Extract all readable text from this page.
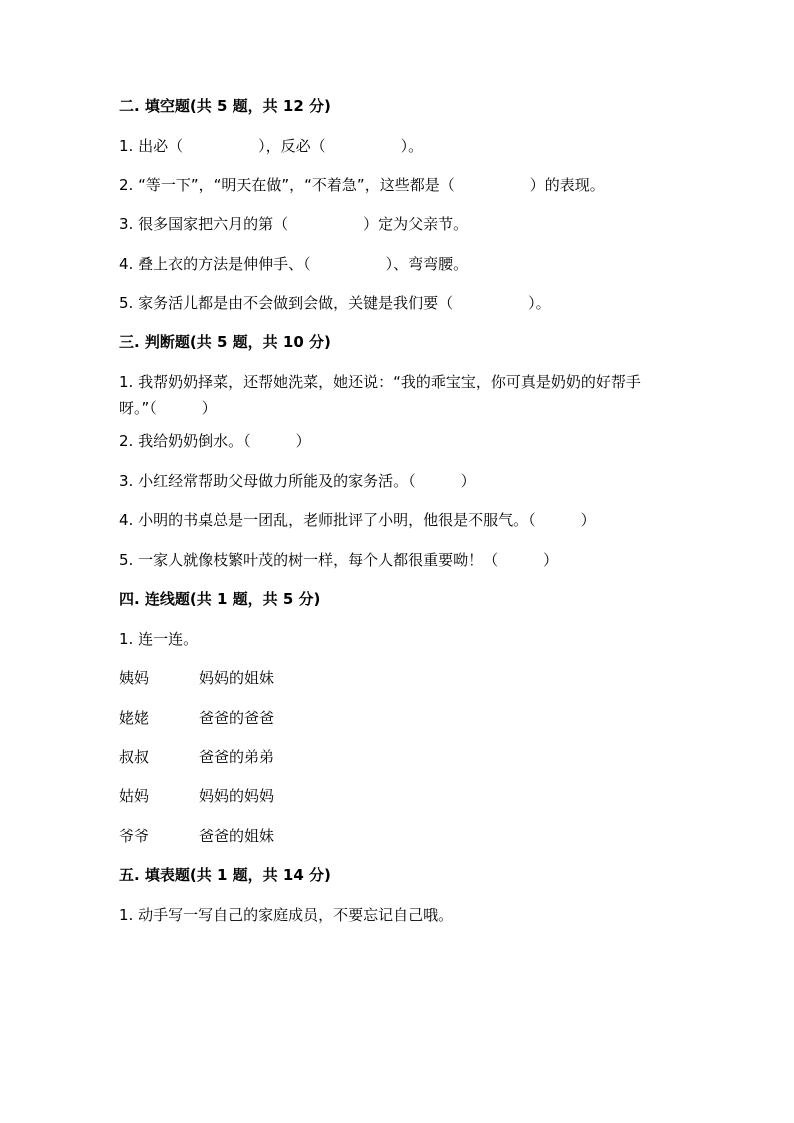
二. 填空题(共 5 题，共 12 分)
1. 出必（　　　　　），反必（　　　　　）。
2. “等一下”，“明天在做”，“不着急”，这些都是（　　　　　）的表现。
3. 很多国家把六月的第（　　　　　）定为父亲节。
4. 叠上衣的方法是伸伸手、（　　　　　）、弯弯腰。
5. 家务活儿都是由不会做到会做，关键是我们要（　　　　　）。
三. 判断题(共 5 题，共 10 分)
1. 我帮奶奶择菜，还帮她洗菜，她还说：“我的乖宝宝，你可真是奶奶的好帮手呀。”（　　　）
2. 我给奶奶倒水。（　　　）
3. 小红经常帮助父母做力所能及的家务活。（　　　）
4. 小明的书桌总是一团乱，老师批评了小明，他很是不服气。（　　　）
5. 一家人就像枝繁叶茂的树一样，每个人都很重要呦！（　　　）
四. 连线题(共 1 题，共 5 分)
1. 连一连。
姨妈	妈妈的姐妹
姥姥	爸爸的爸爸
叔叔	爸爸的弟弟
姑妈	妈妈的妈妈
爷爷	爸爸的姐妹
五. 填表题(共 1 题，共 14 分)
1. 动手写一写自己的家庭成员，不要忘记自己哦。
